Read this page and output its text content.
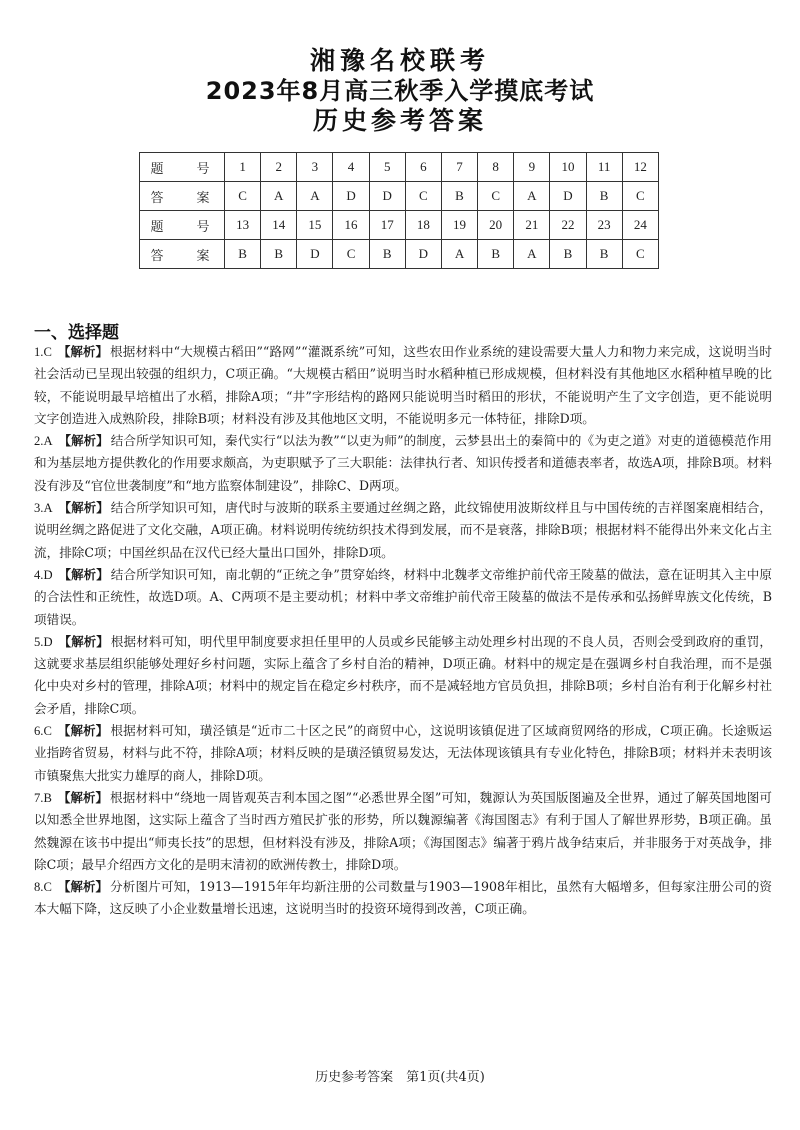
湘豫名校联考
2023年8月高三秋季入学摸底考试
历史参考答案
题　号	1	2	3	4	5	6	7	8	9	10	11	12
答　案	C	A	A	D	D	C	B	C	A	D	B	C
题　号	13	14	15	16	17	18	19	20	21	22	23	24
答　案	B	B	D	C	B	D	A	B	A	B	B	C
一、选择题

1.C 【解析】 根据材料中“大规模古稻田”“路网”“灌溉系统”可知，这些农田作业系统的建设需要大量人力和物力来完成，这说明当时社会活动已呈现出较强的组织力，C项正确。“大规模古稻田”说明当时水稻种植已形成规模，但材料没有其他地区水稻种植早晚的比较，不能说明最早培植出了水稻，排除A项；“井”字形结构的路网只能说明当时稻田的形状，不能说明产生了文字创造，更不能说明文字创造进入成熟阶段，排除B项；材料没有涉及其他地区文明，不能说明多元一体特征，排除D项。

2.A 【解析】 结合所学知识可知，秦代实行“以法为教”“以吏为师”的制度，云梦县出土的秦简中的《为吏之道》对吏的道德模范作用和为基层地方提供教化的作用要求颇高，为吏职赋予了三大职能：法律执行者、知识传授者和道德表率者，故选A项，排除B项。材料没有涉及“官位世袭制度”和“地方监察体制建设”，排除C、D两项。

3.A 【解析】 结合所学知识可知，唐代时与波斯的联系主要通过丝绸之路，此纹锦使用波斯纹样且与中国传统的吉祥图案鹿相结合，说明丝绸之路促进了文化交融，A项正确。材料说明传统纺织技术得到发展，而不是衰落，排除B项；根据材料不能得出外来文化占主流，排除C项；中国丝织品在汉代已经大量出口国外，排除D项。

4.D 【解析】 结合所学知识可知，南北朝的“正统之争”贯穿始终，材料中北魏孝文帝维护前代帝王陵墓的做法，意在证明其入主中原的合法性和正统性，故选D项。A、C两项不是主要动机；材料中孝文帝维护前代帝王陵墓的做法不是传承和弘扬鲜卑族文化传统，B项错误。

5.D 【解析】 根据材料可知，明代里甲制度要求担任里甲的人员或乡民能够主动处理乡村出现的不良人员，否则会受到政府的重罚，这就要求基层组织能够处理好乡村问题，实际上蕴含了乡村自治的精神，D项正确。材料中的规定是在强调乡村自我治理，而不是强化中央对乡村的管理，排除A项；材料中的规定旨在稳定乡村秩序，而不是减轻地方官员负担，排除B项；乡村自治有利于化解乡村社会矛盾，排除C项。

6.C 【解析】 根据材料可知，璜泾镇是“近市二十区之民”的商贸中心，这说明该镇促进了区域商贸网络的形成，C项正确。长途贩运业指跨省贸易，材料与此不符，排除A项；材料反映的是璜泾镇贸易发达，无法体现该镇具有专业化特色，排除B项；材料并未表明该市镇聚焦大批实力雄厚的商人，排除D项。

7.B 【解析】 根据材料中“绕地一周皆观英吉利本国之图”“必悉世界全图”可知，魏源认为英国版图遍及全世界，通过了解英国地图可以知悉全世界地图，这实际上蕴含了当时西方殖民扩张的形势，所以魏源编著《海国图志》有利于国人了解世界形势，B项正确。虽然魏源在该书中提出“师夷长技”的思想，但材料没有涉及，排除A项；《海国图志》编著于鸦片战争结束后，并非服务于对英战争，排除C项；最早介绍西方文化的是明末清初的欧洲传教士，排除D项。

8.C 【解析】 分析图片可知，1913—1915年年均新注册的公司数量与1903—1908年相比，虽然有大幅增多，但每家注册公司的资本大幅下降，这反映了小企业数量增长迅速，这说明当时的投资环境得到改善，C项正确。

历史参考答案　第1页(共4页)
